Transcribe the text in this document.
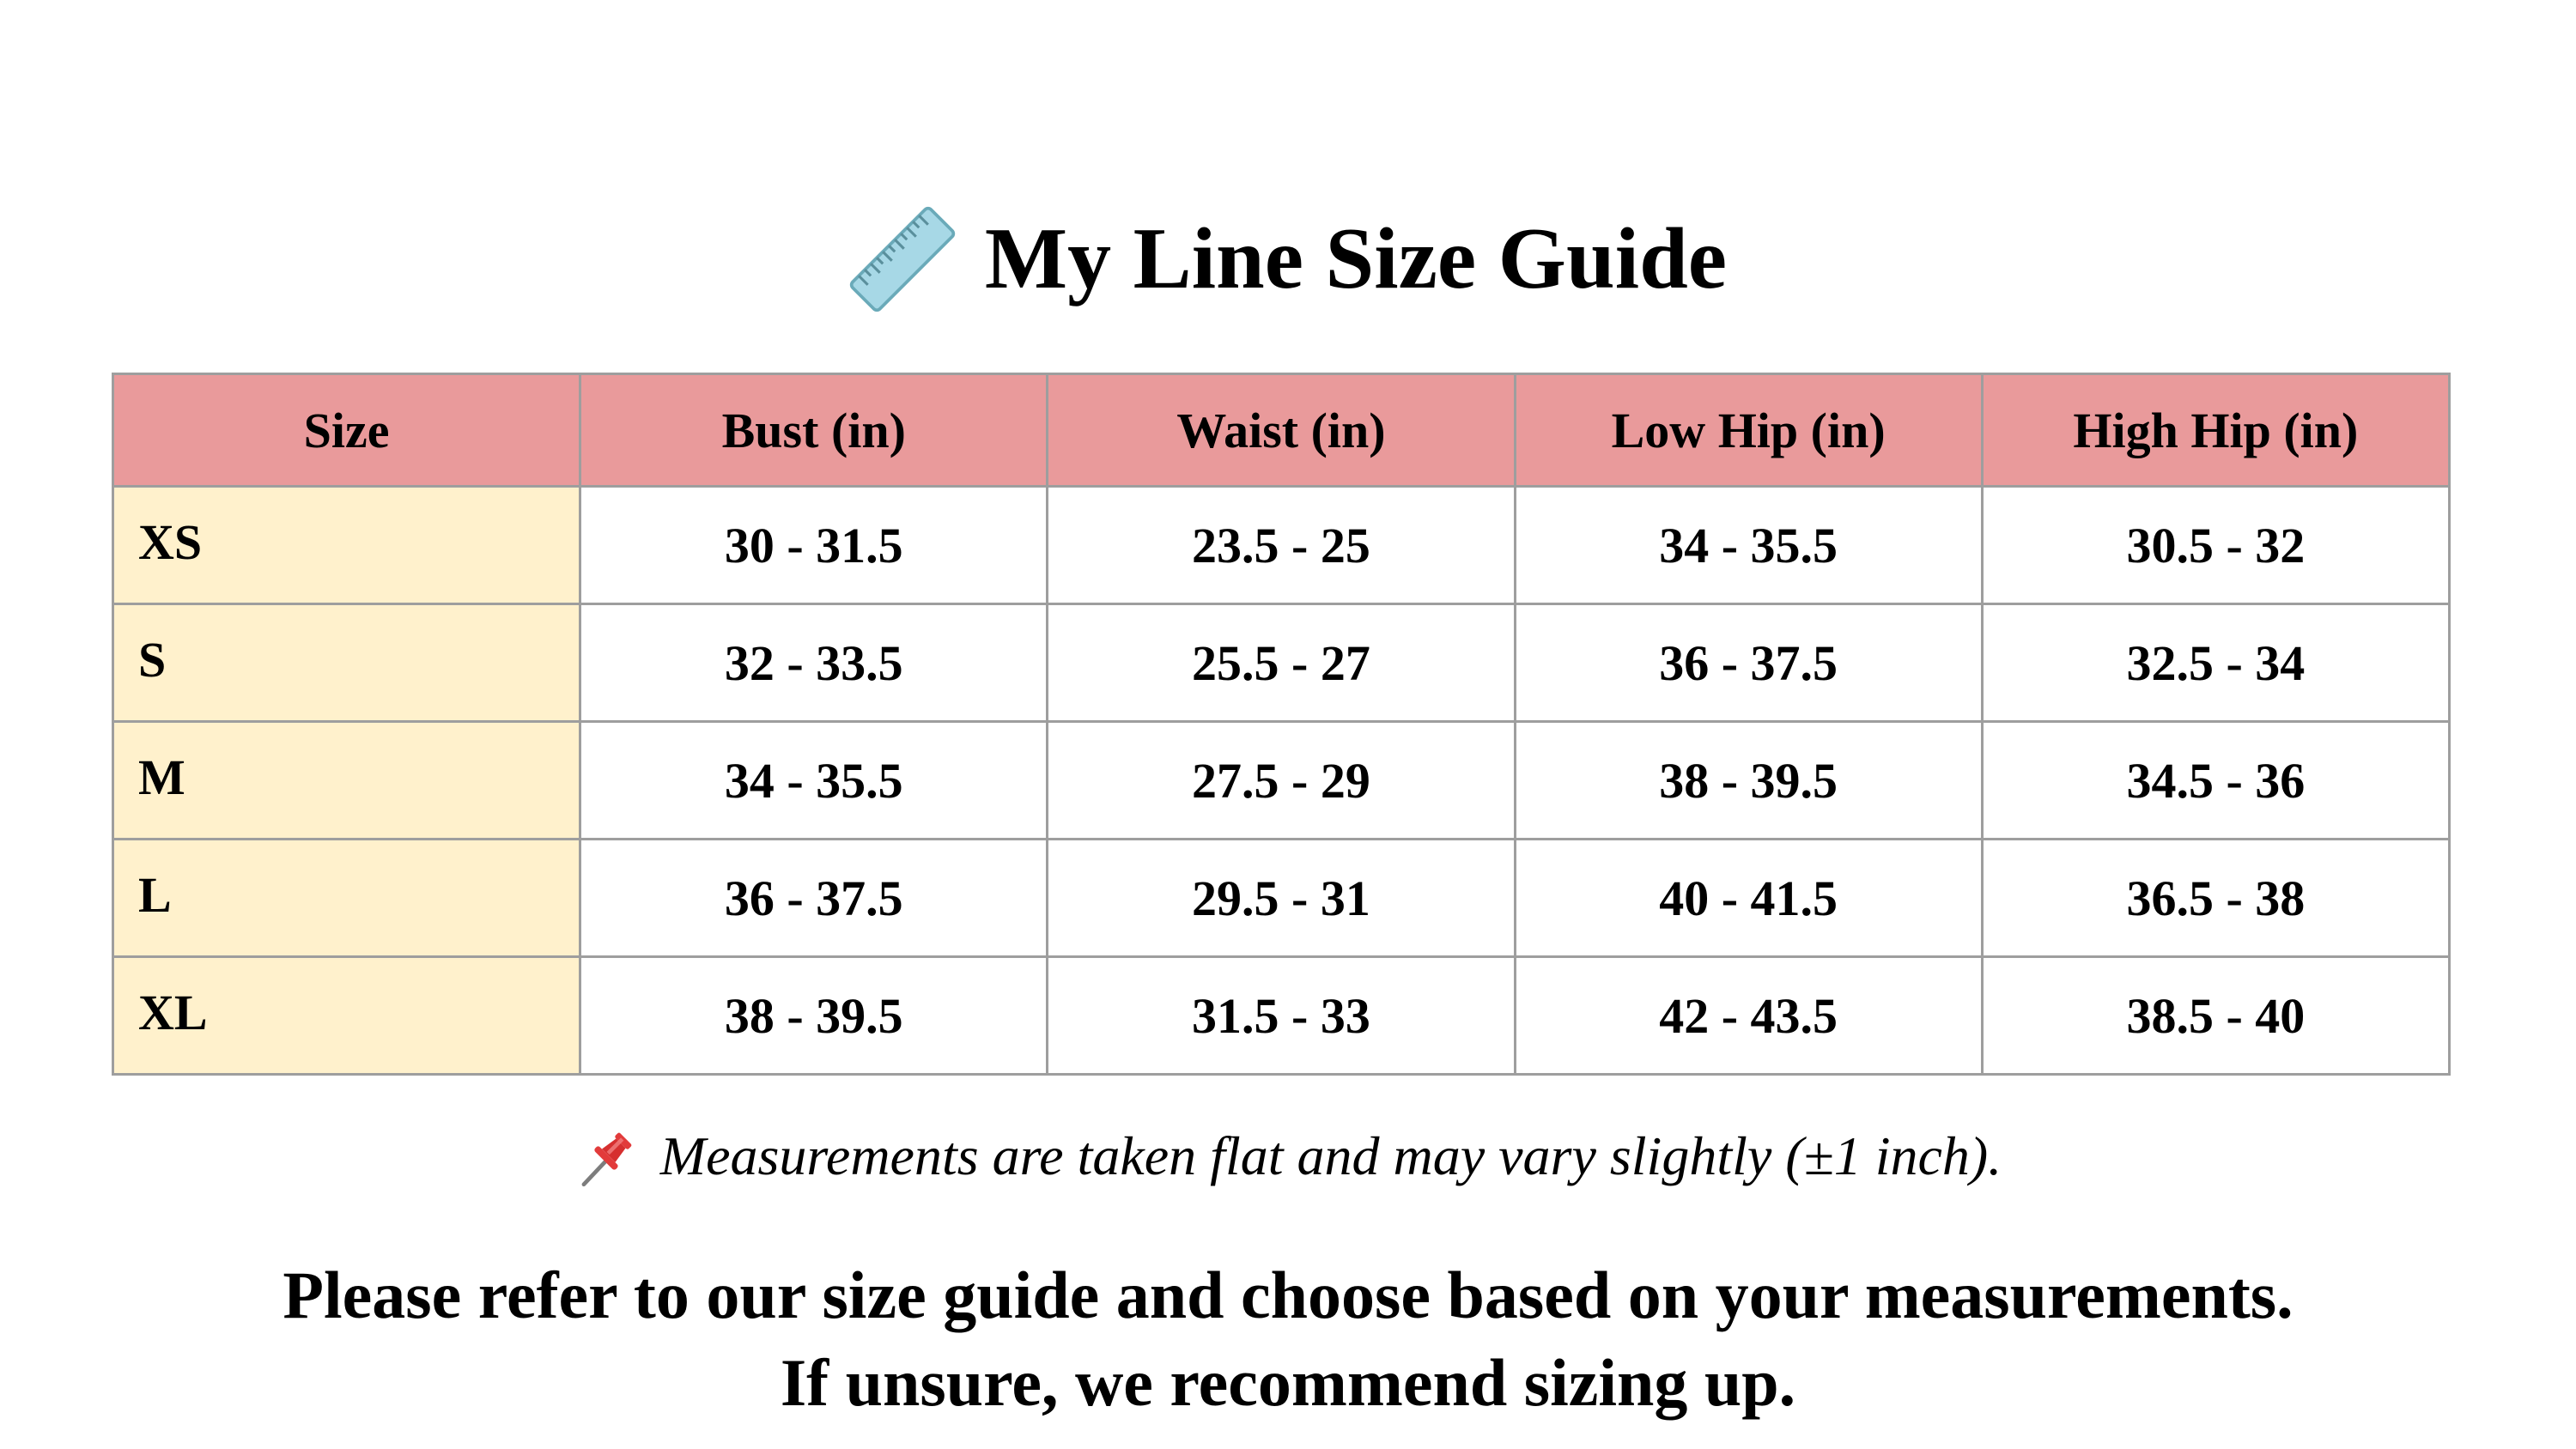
My Line Size Guide
Size	Bust (in)	Waist (in)	Low Hip (in)	High Hip (in)
XS	30 - 31.5	23.5 - 25	34 - 35.5	30.5 - 32
S	32 - 33.5	25.5 - 27	36 - 37.5	32.5 - 34
M	34 - 35.5	27.5 - 29	38 - 39.5	34.5 - 36
L	36 - 37.5	29.5 - 31	40 - 41.5	36.5 - 38
XL	38 - 39.5	31.5 - 33	42 - 43.5	38.5 - 40
Measurements are taken flat and may vary slightly (±1 inch).
Please refer to our size guide and choose based on your measurements.
If unsure, we recommend sizing up.
